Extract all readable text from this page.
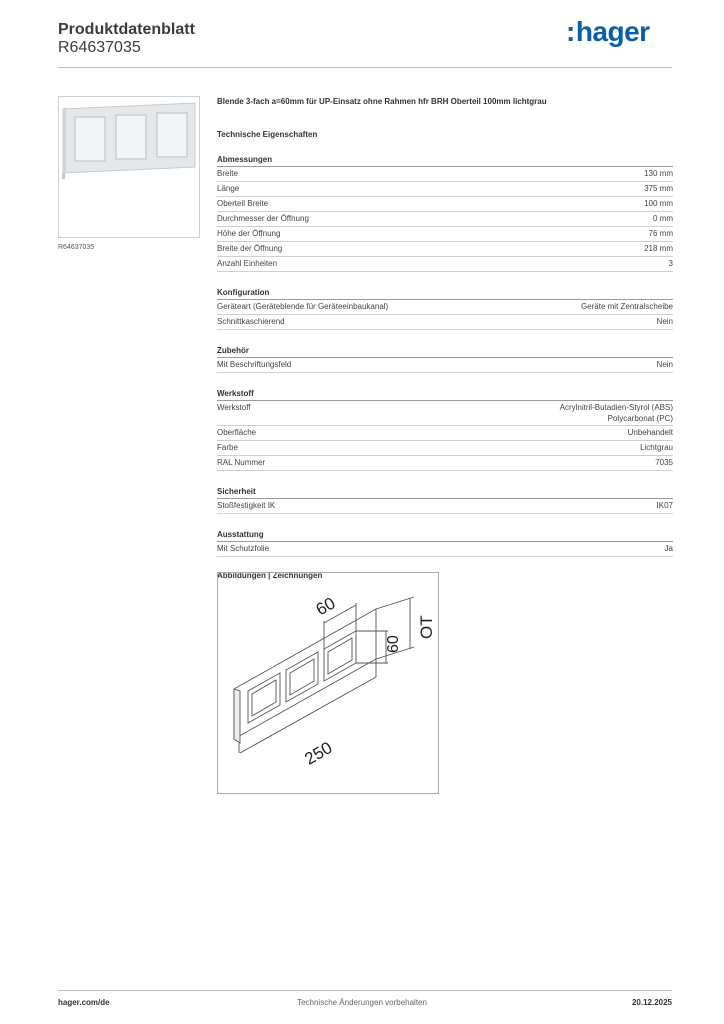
Produktdatenblatt
R64637035
:hager
R64637035
Blende 3-fach a=60mm für UP-Einsatz ohne Rahmen hfr BRH Oberteil 100mm lichtgrau
Technische Eigenschaften
Abmessungen
Breite	130 mm
Länge	375 mm
Oberteil Breite	100 mm
Durchmesser der Öffnung	0 mm
Höhe der Öffnung	76 mm
Breite der Öffnung	218 mm
Anzahl Einheiten	3
Konfiguration
Geräteart (Geräteblende für Geräteeinbaukanal)	Geräte mit Zentralscheibe
Schnittkaschierend	Nein
Zubehör
Mit Beschriftungsfeld	Nein
Werkstoff
Werkstoff	Acrylnitril-Butadien-Styrol (ABS)
Polycarbonat (PC)
Oberfläche	Unbehandelt
Farbe	Lichtgrau
RAL Nummer	7035
Sicherheit
Stoßfestigkeit IK	IK07
Ausstattung
Mit Schutzfolie	Ja
Abbildungen | Zeichnungen
60
60
OT
250
hager.com/de	Technische Änderungen vorbehalten	20.12.2025
